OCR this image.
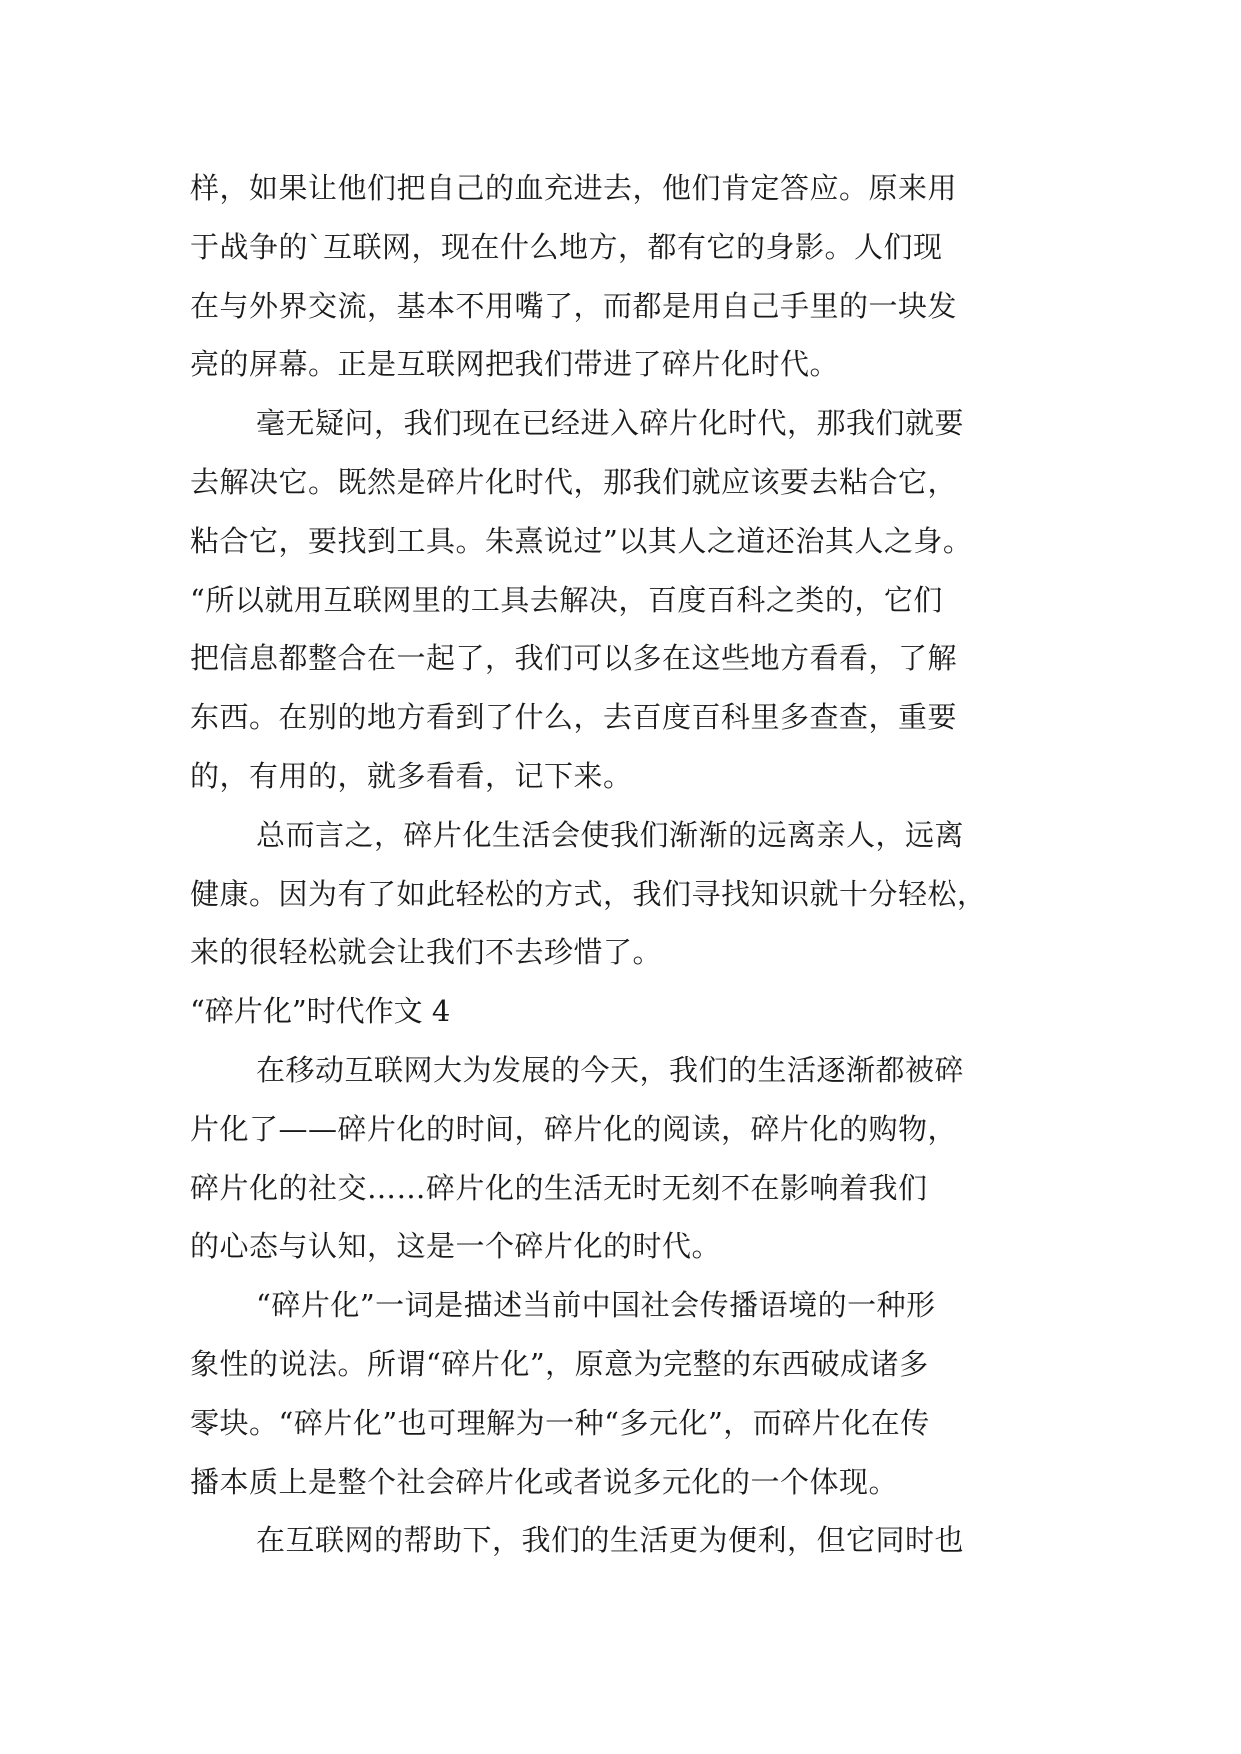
样，如果让他们把自己的血充进去，他们肯定答应。原来用
于战争的`互联网，现在什么地方，都有它的身影。人们现
在与外界交流，基本不用嘴了，而都是用自己手里的一块发
亮的屏幕。正是互联网把我们带进了碎片化时代。
毫无疑问，我们现在已经进入碎片化时代，那我们就要
去解决它。既然是碎片化时代，那我们就应该要去粘合它，
粘合它，要找到工具。朱熹说过”以其人之道还治其人之身。
“所以就用互联网里的工具去解决，百度百科之类的，它们
把信息都整合在一起了，我们可以多在这些地方看看，了解
东西。在别的地方看到了什么，去百度百科里多查查，重要
的，有用的，就多看看，记下来。
总而言之，碎片化生活会使我们渐渐的远离亲人，远离
健康。因为有了如此轻松的方式，我们寻找知识就十分轻松，
来的很轻松就会让我们不去珍惜了。
“碎片化”时代作文 4
在移动互联网大为发展的今天，我们的生活逐渐都被碎
片化了——碎片化的时间，碎片化的阅读，碎片化的购物，
碎片化的社交……碎片化的生活无时无刻不在影响着我们
的心态与认知，这是一个碎片化的时代。
“碎片化”一词是描述当前中国社会传播语境的一种形
象性的说法。所谓“碎片化”，原意为完整的东西破成诸多
零块。“碎片化”也可理解为一种“多元化”，而碎片化在传
播本质上是整个社会碎片化或者说多元化的一个体现。
在互联网的帮助下，我们的生活更为便利，但它同时也
